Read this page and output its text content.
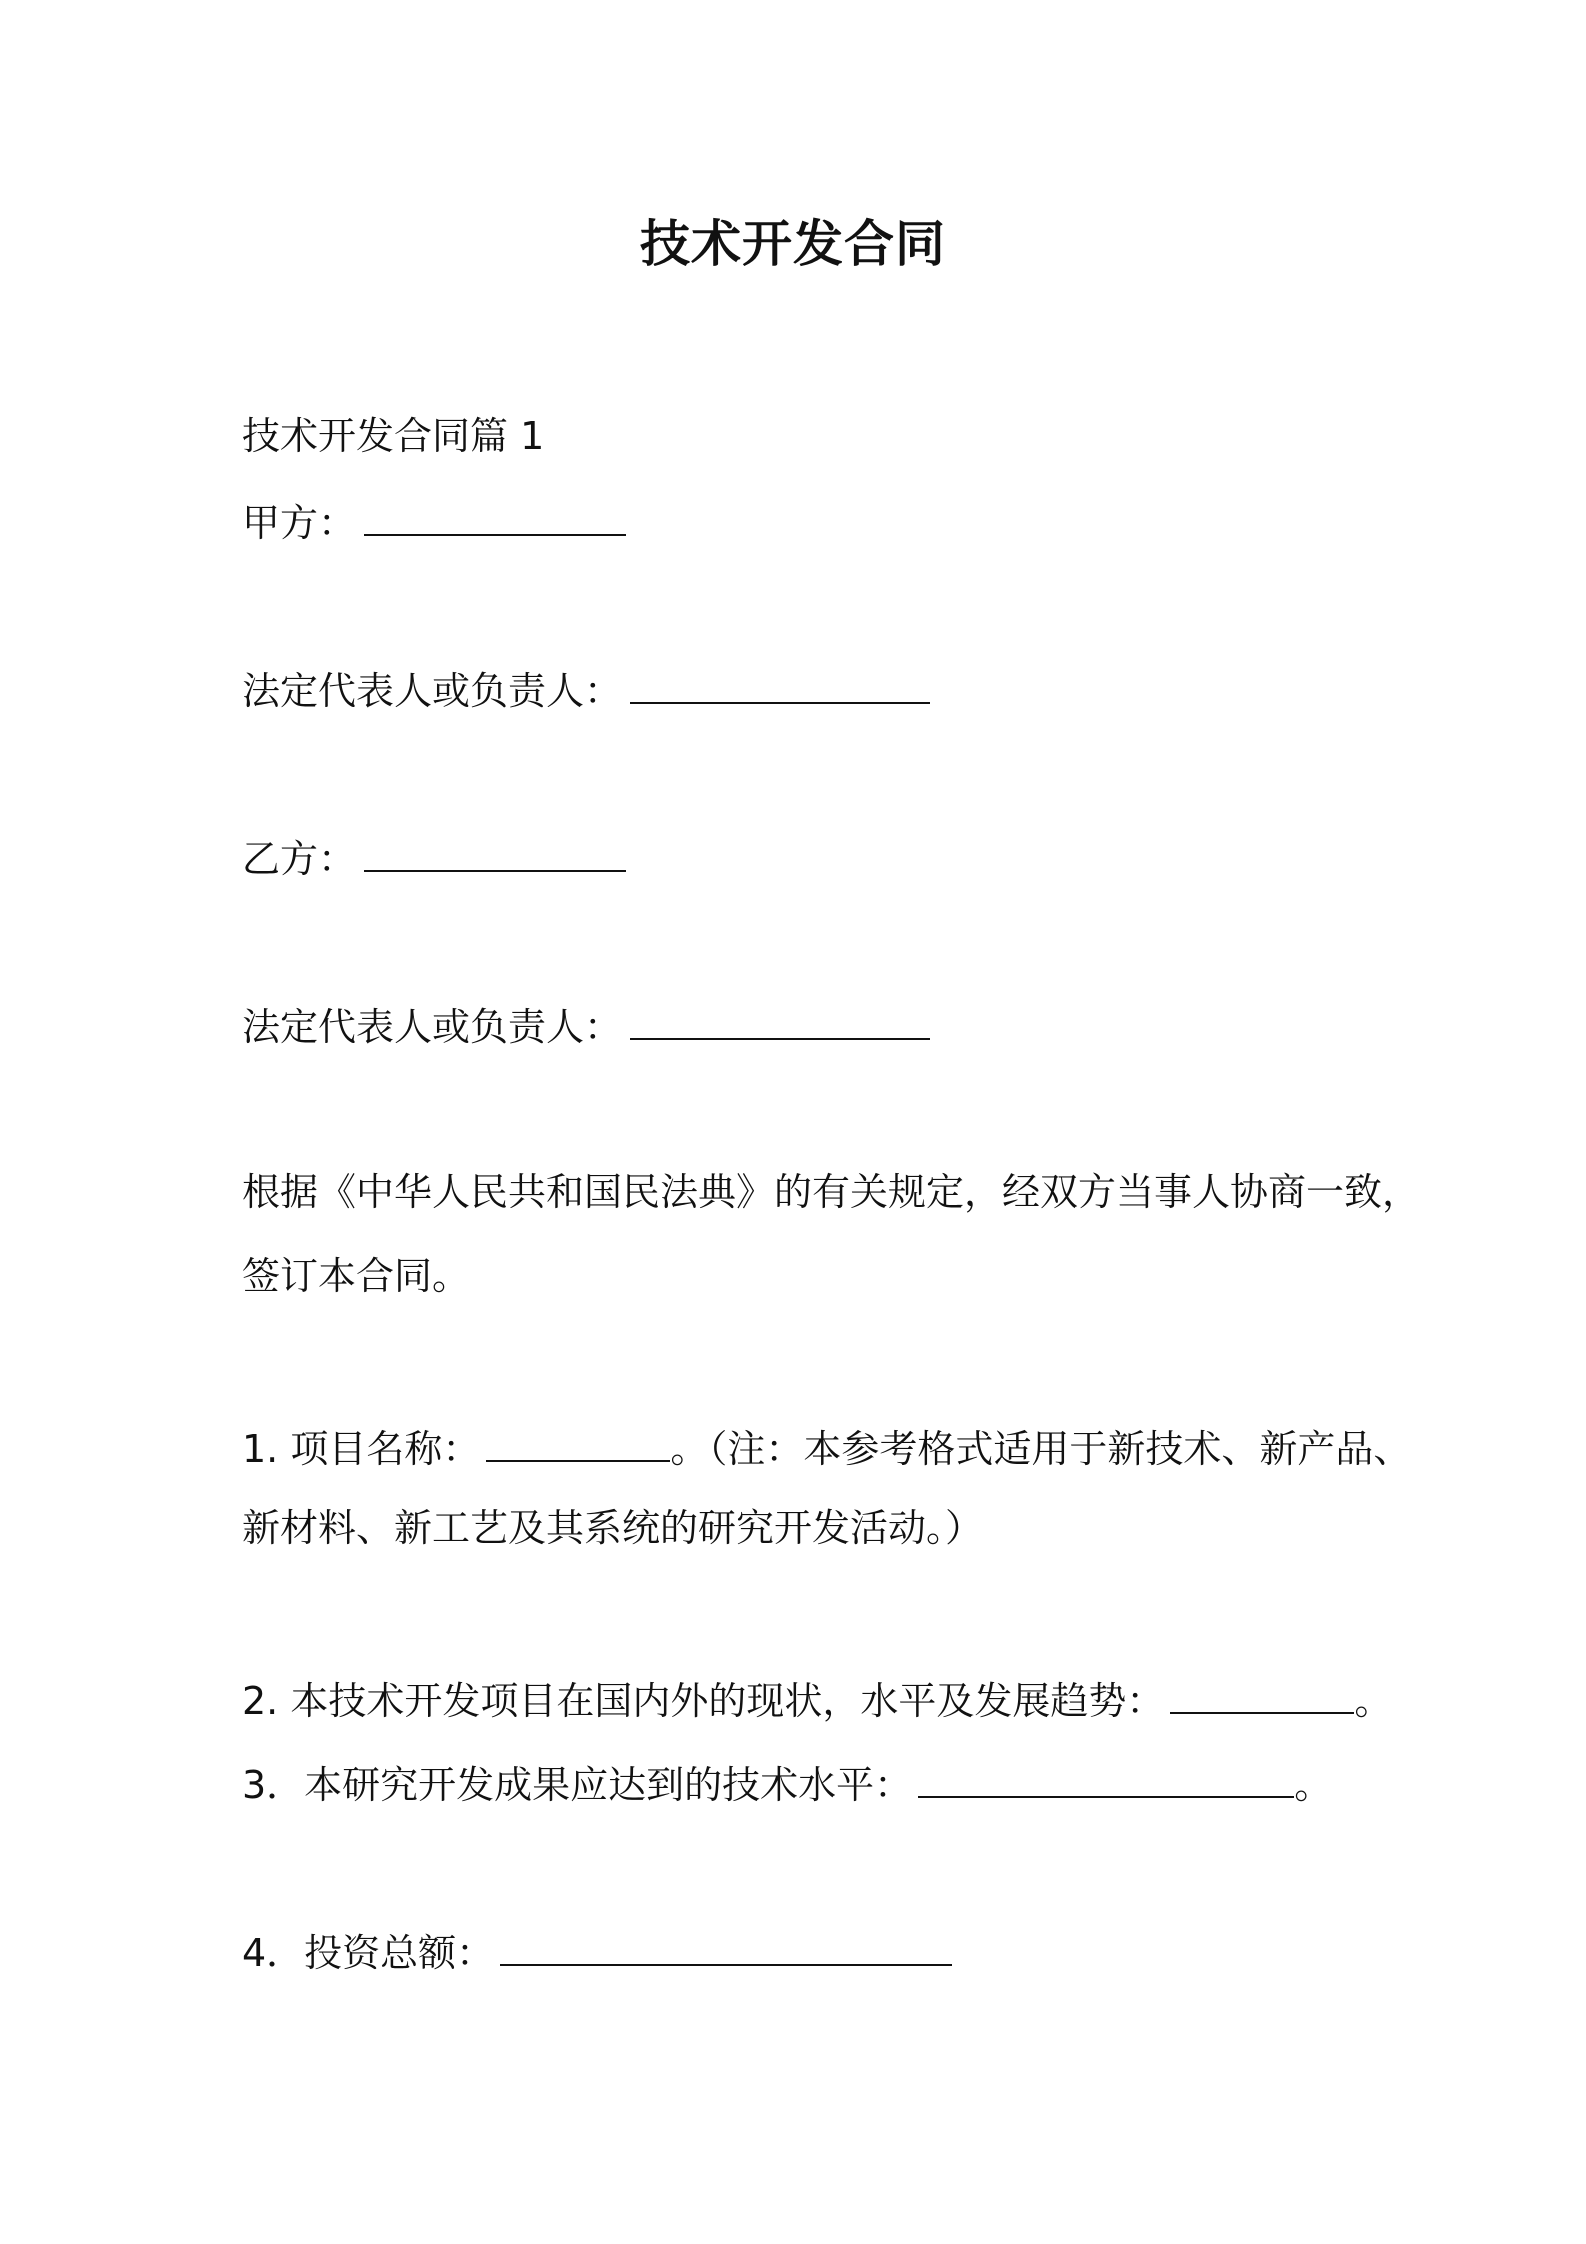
技术开发合同
技术开发合同篇 1
甲方：
法定代表人或负责人：
乙方：
法定代表人或负责人：
根据《中华人民共和国民法典》的有关规定，经双方当事人协商一致，
签订本合同。
1. 项目名称：	。（注：本参考格式适用于新技术、新产品、
新材料、新工艺及其系统的研究开发活动。）
2. 本技术开发项目在国内外的现状，水平及发展趋势：	。
3．本研究开发成果应达到的技术水平：	。
4．投资总额：
